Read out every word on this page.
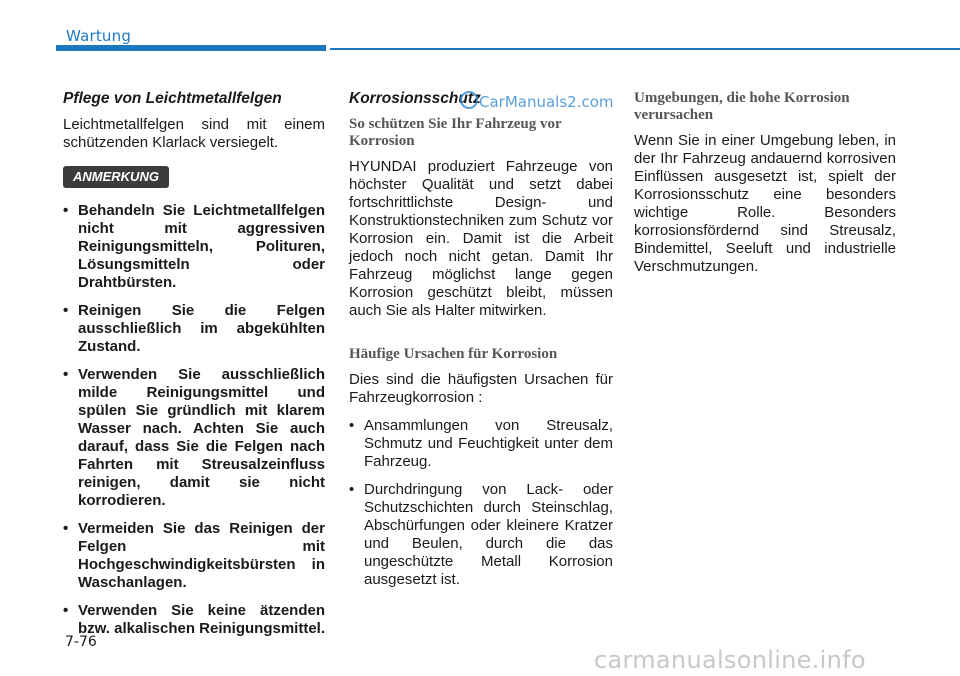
Wartung
Pflege von Leichtmetallfelgen

Leichtmetallfelgen sind mit einem schützenden Klarlack versiegelt.

ANMERKUNG
• Behandeln Sie Leichtmetallfelgen nicht mit aggressiven Reinigungsmitteln, Polituren, Lösungsmitteln oder Drahtbürsten.
• Reinigen Sie die Felgen ausschließlich im abgekühlten Zustand.
• Verwenden Sie ausschließlich milde Reinigungsmittel und spülen Sie gründlich mit klarem Wasser nach. Achten Sie auch darauf, dass Sie die Felgen nach Fahrten mit Streusalzeinfluss reinigen, damit sie nicht korrodieren.
• Vermeiden Sie das Reinigen der Felgen mit Hochgeschwindigkeitsbürsten in Waschanlagen.
• Verwenden Sie keine ätzenden bzw. alkalischen Reinigungsmittel.
Korrosionsschutz
So schützen Sie Ihr Fahrzeug vor Korrosion

HYUNDAI produziert Fahrzeuge von höchster Qualität und setzt dabei fortschrittlichste Design- und Konstruktionstechniken zum Schutz vor Korrosion ein. Damit ist die Arbeit jedoch noch nicht getan. Damit Ihr Fahrzeug möglichst lange gegen Korrosion geschützt bleibt, müssen auch Sie als Halter mitwirken.

Häufige Ursachen für Korrosion

Dies sind die häufigsten Ursachen für Fahrzeugkorrosion :

• Ansammlungen von Streusalz, Schmutz und Feuchtigkeit unter dem Fahrzeug.
• Durchdringung von Lack- oder Schutzschichten durch Steinschlag, Abschürfungen oder kleinere Kratzer und Beulen, durch die das ungeschützte Metall Korrosion ausgesetzt ist.
Umgebungen, die hohe Korrosion verursachen

Wenn Sie in einer Umgebung leben, in der Ihr Fahrzeug andauernd korrosiven Einflüssen ausgesetzt ist, spielt der Korrosionsschutz eine besonders wichtige Rolle. Besonders korrosionsfördernd sind Streusalz, Bindemittel, Seeluft und industrielle Verschmutzungen.

CarManuals2.com
7-76
carmanualsonline.info
